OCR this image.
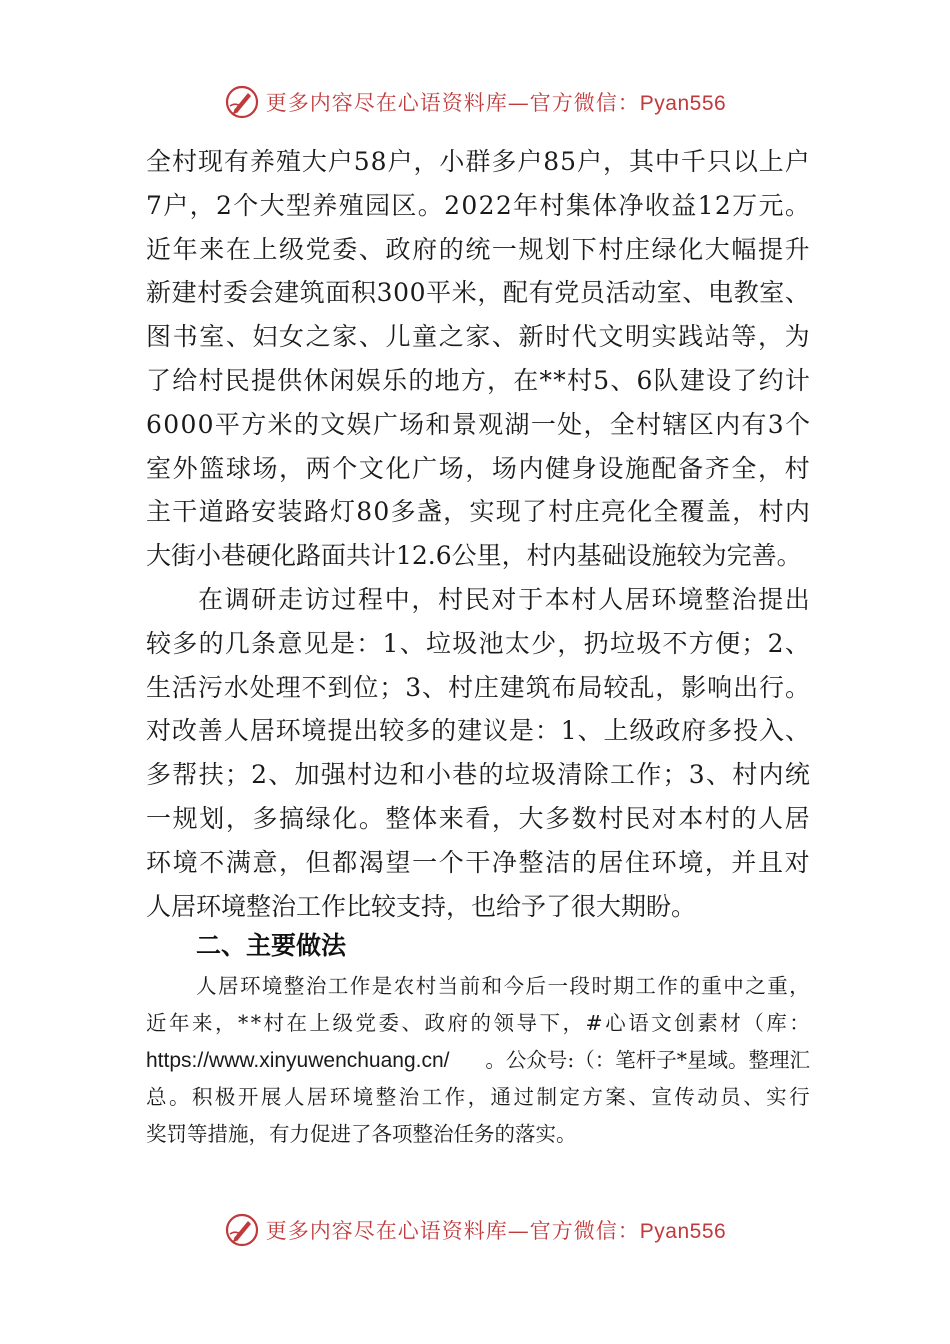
更多内容尽在心语资料库—官方微信：Pyan556
全 村 现 有 养 殖 大 户 5 8 户 ， 小 群 多 户 8 5 户 ， 其 中 千 只 以 上 户
7 户 ， 2 个 大 型 养 殖 园 区 。 2 0 2 2 年 村 集 体 净 收 益 1 2 万 元 。
近 年 来 在 上 级 党 委 、 政 府 的 统 一 规 划 下 村 庄 绿 化 大 幅 提 升
新 建 村 委 会 建 筑 面 积 3 0 0 平 米 ， 配 有 党 员 活 动 室 、 电 教 室 、
图 书 室 、 妇 女 之 家 、 儿 童 之 家 、 新 时 代 文 明 实 践 站 等 ， 为
了 给 村 民 提 供 休 闲 娱 乐 的 地 方 ， 在 * * 村 5 、 6 队 建 设 了 约 计
6 0 0 0 平 方 米 的 文 娱 广 场 和 景 观 湖 一 处 ， 全 村 辖 区 内 有 3 个
室 外 篮 球 场 ， 两 个 文 化 广 场 ， 场 内 健 身 设 施 配 备 齐 全 ， 村
主 干 道 路 安 装 路 灯 8 0 多 盏 ， 实 现 了 村 庄 亮 化 全 覆 盖 ， 村 内
大街小巷硬化路面共计12.6公里，村内基础设施较为完善。
在 调 研 走 访 过 程 中 ， 村 民 对 于 本 村 人 居 环 境 整 治 提 出
较 多 的 几 条 意 见 是 ： 1 、 垃 圾 池 太 少 ， 扔 垃 圾 不 方 便 ； 2 、
生 活 污 水 处 理 不 到 位 ； 3 、 村 庄 建 筑 布 局 较 乱 ， 影 响 出 行 。
对 改 善 人 居 环 境 提 出 较 多 的 建 议 是 ： 1 、 上 级 政 府 多 投 入 、
多 帮 扶 ； 2 、 加 强 村 边 和 小 巷 的 垃 圾 清 除 工 作 ； 3 、 村 内 统
一 规 划 ， 多 搞 绿 化 。 整 体 来 看 ， 大 多 数 村 民 对 本 村 的 人 居
环 境 不 满 意 ， 但 都 渴 望 一 个 干 净 整 洁 的 居 住 环 境 ， 并 且 对
人居环境整治工作比较支持，也给予了很大期盼。
二、主要做法
人 居 环 境 整 治 工 作 是 农 村 当 前 和 今 后 一 段 时 期 工 作 的 重 中 之 重 ，
近 年 来 ， * * 村 在 上 级 党 委 、 政 府 的 领 导 下 ， # 心 语 文 创 素 材 （ 库 ：
https://www.xinyuwenchuang.cn/ 。公众号:（：笔杆子*星域。整理汇
总 。 积 极 开 展 人 居 环 境 整 治 工 作 ， 通 过 制 定 方 案 、 宣 传 动 员 、 实 行
奖罚等措施，有力促进了各项整治任务的落实。
更多内容尽在心语资料库—官方微信：Pyan556
